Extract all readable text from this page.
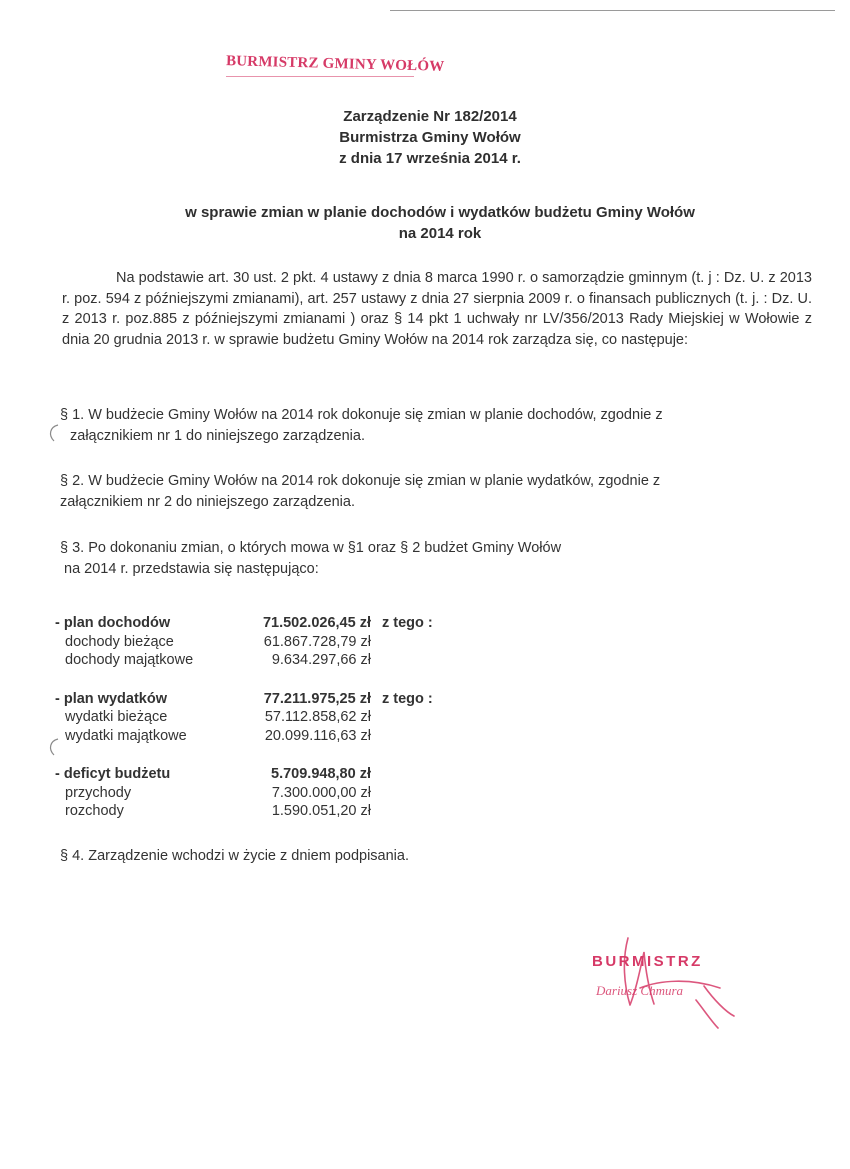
BURMISTRZ GMINY WOŁÓW
Zarządzenie Nr 182/2014
Burmistrza Gminy Wołów
z dnia 17 września 2014 r.
w sprawie zmian w planie dochodów i wydatków budżetu Gminy Wołów
na 2014 rok
Na podstawie art. 30 ust. 2 pkt. 4 ustawy z dnia 8 marca 1990 r. o samorządzie gminnym (t. j : Dz. U. z 2013 r. poz. 594 z późniejszymi zmianami), art. 257 ustawy z dnia 27 sierpnia 2009 r. o finansach publicznych (t. j. : Dz. U. z 2013 r. poz.885 z późniejszymi zmianami ) oraz § 14 pkt 1 uchwały nr LV/356/2013 Rady Miejskiej w Wołowie z dnia 20 grudnia 2013 r. w sprawie budżetu Gminy Wołów na 2014 rok zarządza się, co następuje:
§ 1. W budżecie Gminy Wołów na 2014 rok dokonuje się zmian w planie dochodów, zgodnie z
załącznikiem nr 1 do niniejszego zarządzenia.
§ 2. W budżecie Gminy Wołów na 2014 rok dokonuje się zmian w planie wydatków, zgodnie z
załącznikiem nr 2 do niniejszego zarządzenia.
§ 3. Po dokonaniu zmian, o których mowa w §1 oraz § 2 budżet Gminy Wołów
na 2014 r. przedstawia się następująco:
- plan dochodów	71.502.026,45 zł z tego :
dochody bieżące	61.867.728,79 zł
dochody majątkowe	9.634.297,66 zł
- plan wydatków	77.211.975,25 zł z tego :
wydatki bieżące	57.112.858,62 zł
wydatki majątkowe	20.099.116,63 zł
- deficyt budżetu	5.709.948,80 zł
przychody	7.300.000,00 zł
rozchody	1.590.051,20 zł
§ 4. Zarządzenie wchodzi w życie z dniem podpisania.
BURMISTRZ
Dariusz Chmura
